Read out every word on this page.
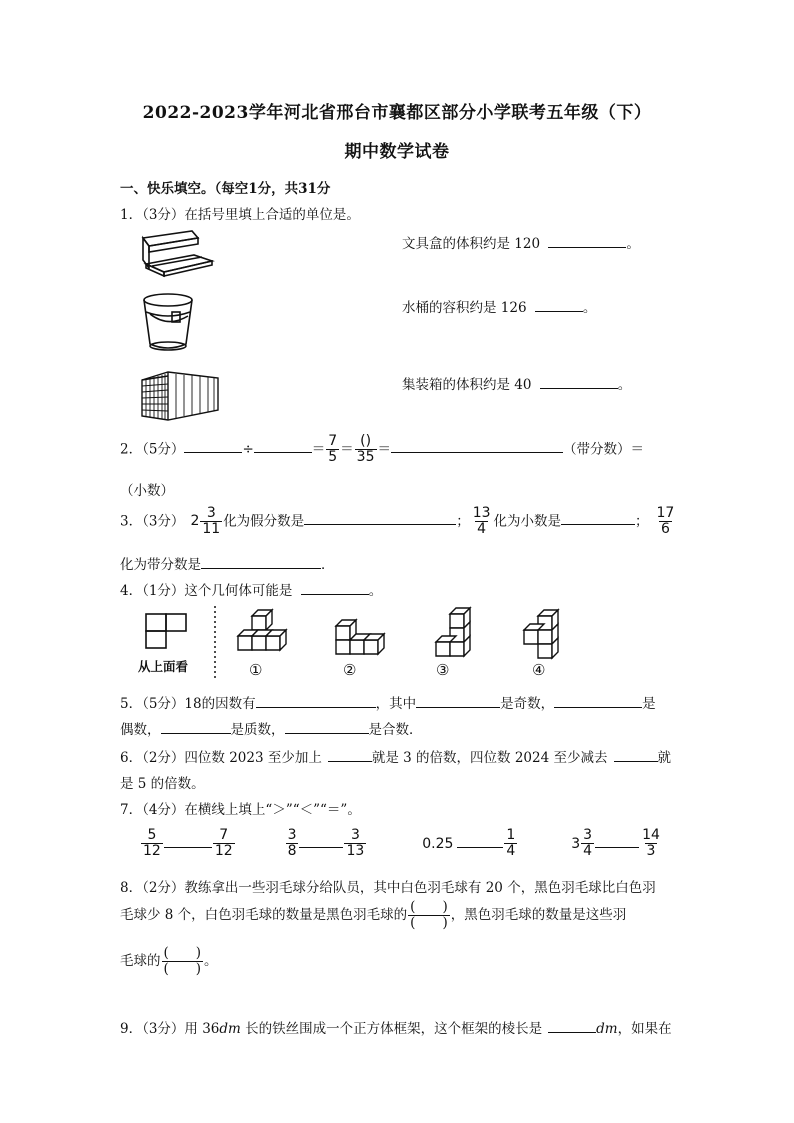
2022-2023学年河北省邢台市襄都区部分小学联考五年级（下）
期中数学试卷
一、快乐填空。（每空1分，共31分
1．（3分）在括号里填上合适的单位是。
文具盒的体积约是 120	。
水桶的容积约是 126	。
集装箱的体积约是 40	。
2．（5分）	÷	＝ $\frac{7}{5} = \frac{()}{35}$ ＝	（带分数）＝
（小数）
3．（3分） $2 \frac{3}{11}$ 化为假分数是	； $\frac{13}{4}$ 化为小数是	； $\frac{17}{6}$
化为带分数是	．
4．（1分）这个几何体可能是	。
从上面看	①	②	③	④
5．（5分）18的因数有	，其中	是奇数，	是
偶数，	是质数，	是合数．
6．（2分）四位数 2023 至少加上	就是 3 的倍数，四位数 2024 至少减去	就
是 5 的倍数。
7．（4分）在横线上填上“＞”“＜”“＝”。
$\frac{5}{12}$	$\frac{7}{12}$
	$\frac{3}{8}$	$\frac{3}{13}$	0.25	$\frac{1}{4}$	$3 \frac{3}{4}$	$\frac{14}{3}$
8．（2分）教练拿出一些羽毛球分给队员，其中白色羽毛球有 20 个，黑色羽毛球比白色羽
毛球少 8 个，白色羽毛球的数量是黑色羽毛球的 $\frac{( )}{( )}$ ，黑色羽毛球的数量是这些羽
毛球的 $\frac{( )}{( )}$ 。
9．（3分）用 36dm 长的铁丝围成一个正方体框架，这个框架的棱长是	dm，如果在
